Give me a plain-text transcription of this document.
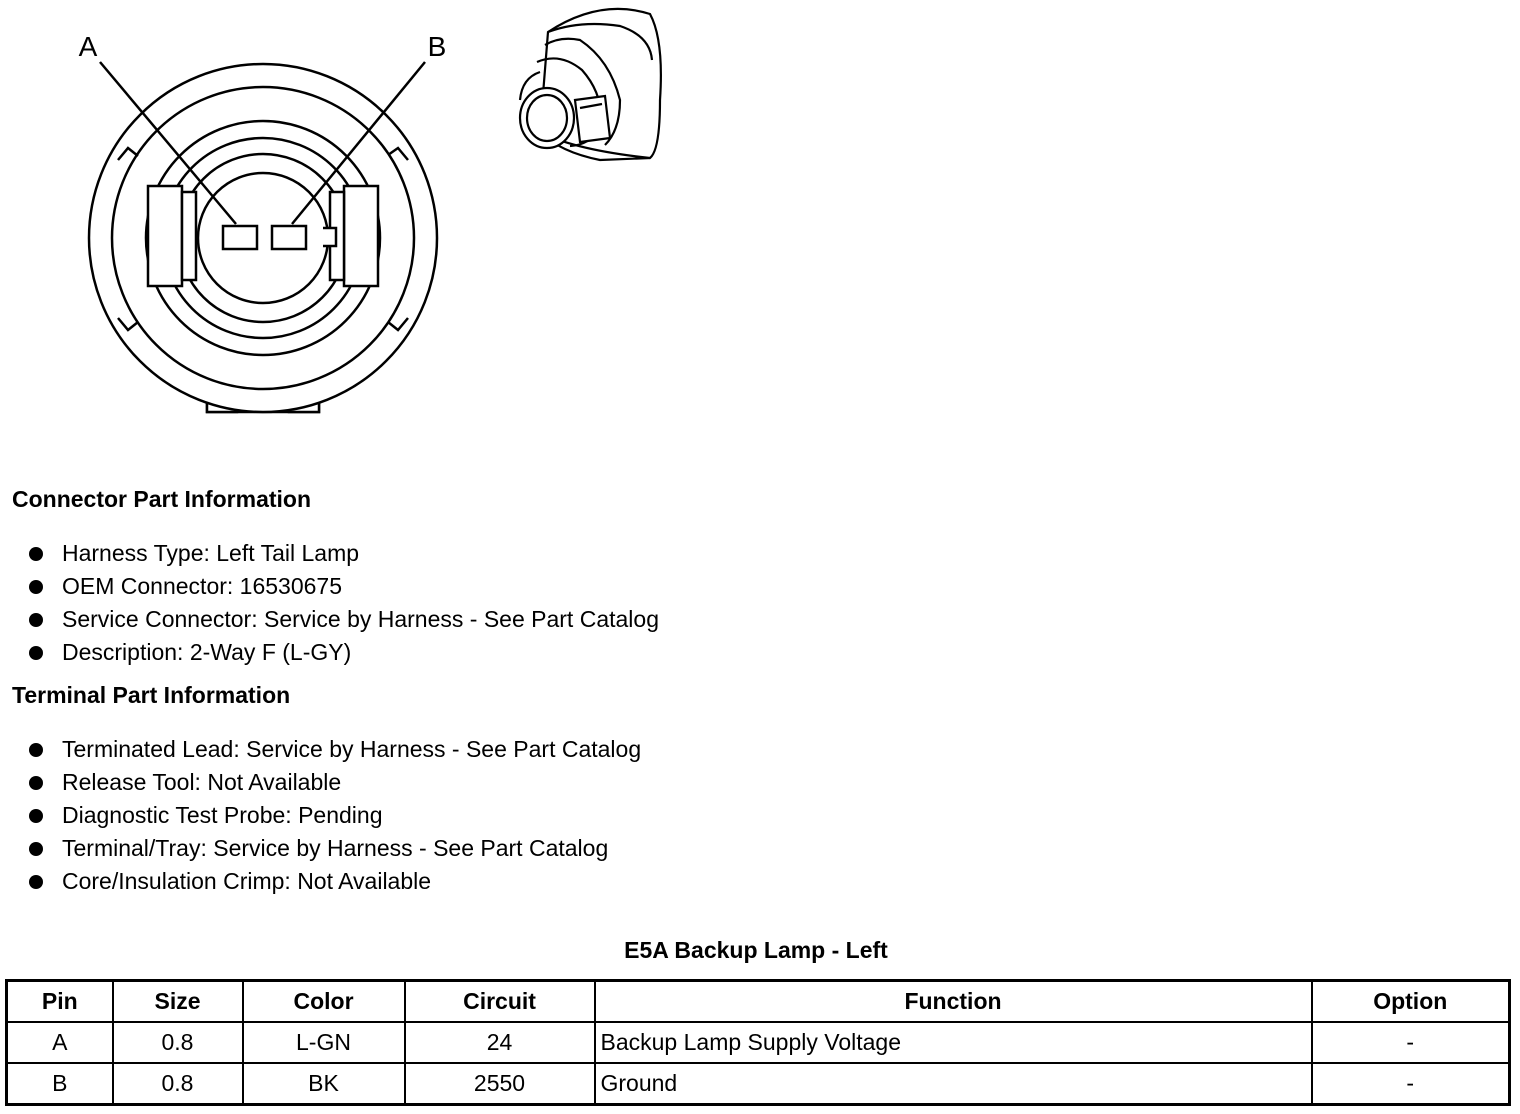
A	B
Connector Part Information
Harness Type: Left Tail Lamp
OEM Connector: 16530675
Service Connector: Service by Harness - See Part Catalog
Description: 2-Way F (L-GY)
Terminal Part Information
Terminated Lead: Service by Harness - See Part Catalog
Release Tool: Not Available
Diagnostic Test Probe: Pending
Terminal/Tray: Service by Harness - See Part Catalog
Core/Insulation Crimp: Not Available
E5A Backup Lamp - Left
Pin	Size	Color	Circuit	Function	Option
A	0.8	L-GN	24	Backup Lamp Supply Voltage	-
B	0.8	BK	2550	Ground	-
